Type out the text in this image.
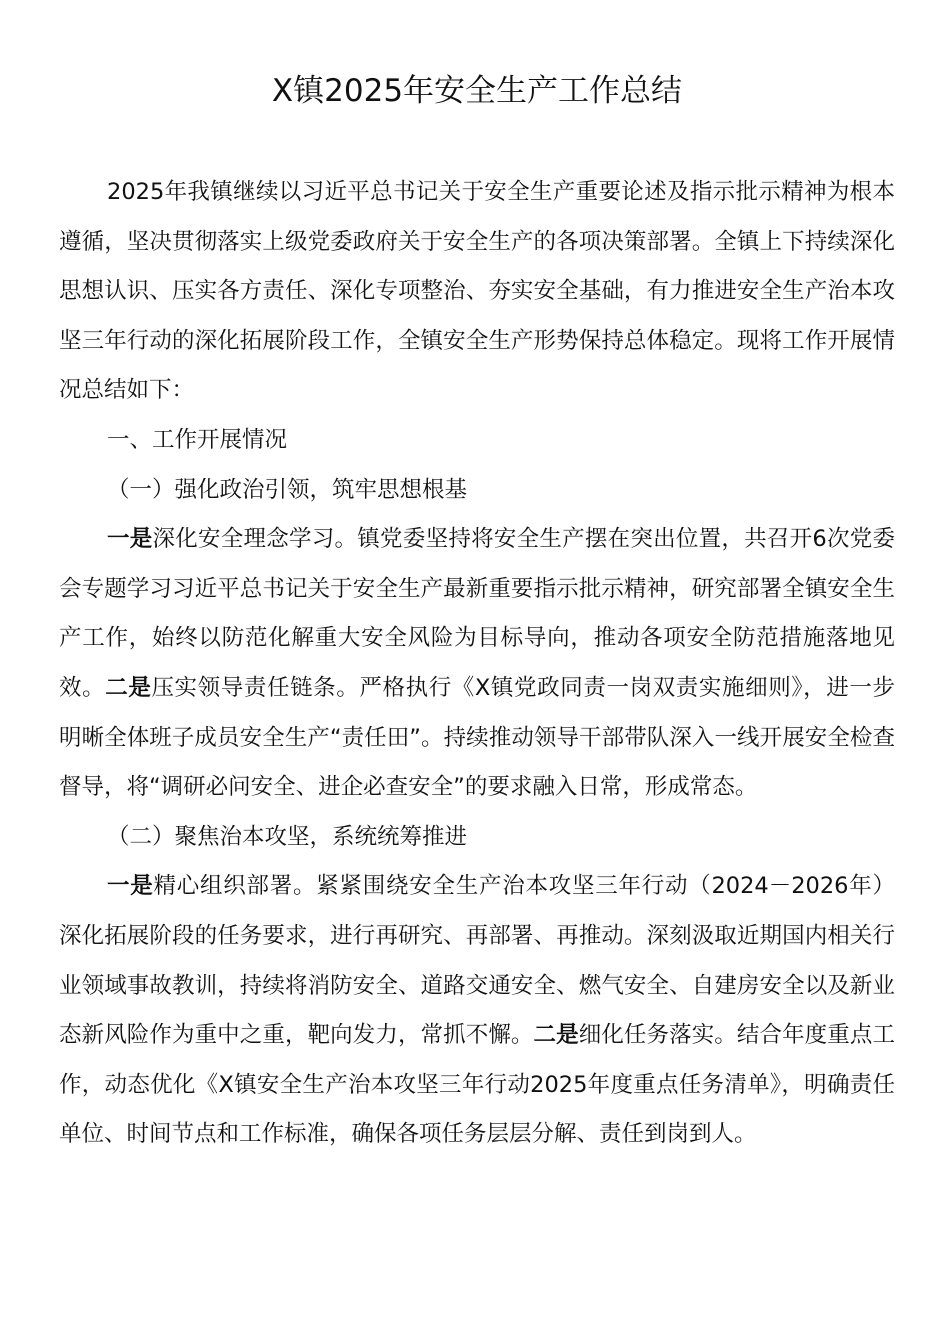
X镇2025年安全生产工作总结

2025年我镇继续以习近平总书记关于安全生产重要论述及指示批示精神为根本遵循，坚决贯彻落实上级党委政府关于安全生产的各项决策部署。全镇上下持续深化思想认识、压实各方责任、深化专项整治、夯实安全基础，有力推进安全生产治本攻坚三年行动的深化拓展阶段工作，全镇安全生产形势保持总体稳定。现将工作开展情况总结如下：

一、工作开展情况

（一）强化政治引领，筑牢思想根基

一是深化安全理念学习。镇党委坚持将安全生产摆在突出位置，共召开6次党委会专题学习习近平总书记关于安全生产最新重要指示批示精神，研究部署全镇安全生产工作，始终以防范化解重大安全风险为目标导向，推动各项安全防范措施落地见效。二是压实领导责任链条。严格执行《X镇党政同责一岗双责实施细则》，进一步明晰全体班子成员安全生产“责任田”。持续推动领导干部带队深入一线开展安全检查督导，将“调研必问安全、进企必查安全”的要求融入日常，形成常态。

（二）聚焦治本攻坚，系统统筹推进

一是精心组织部署。紧紧围绕安全生产治本攻坚三年行动（2024－2026年）深化拓展阶段的任务要求，进行再研究、再部署、再推动。深刻汲取近期国内相关行业领域事故教训，持续将消防安全、道路交通安全、燃气安全、自建房安全以及新业态新风险作为重中之重，靶向发力，常抓不懈。二是细化任务落实。结合年度重点工作，动态优化《X镇安全生产治本攻坚三年行动2025年度重点任务清单》，明确责任单位、时间节点和工作标准，确保各项任务层层分解、责任到岗到人。
